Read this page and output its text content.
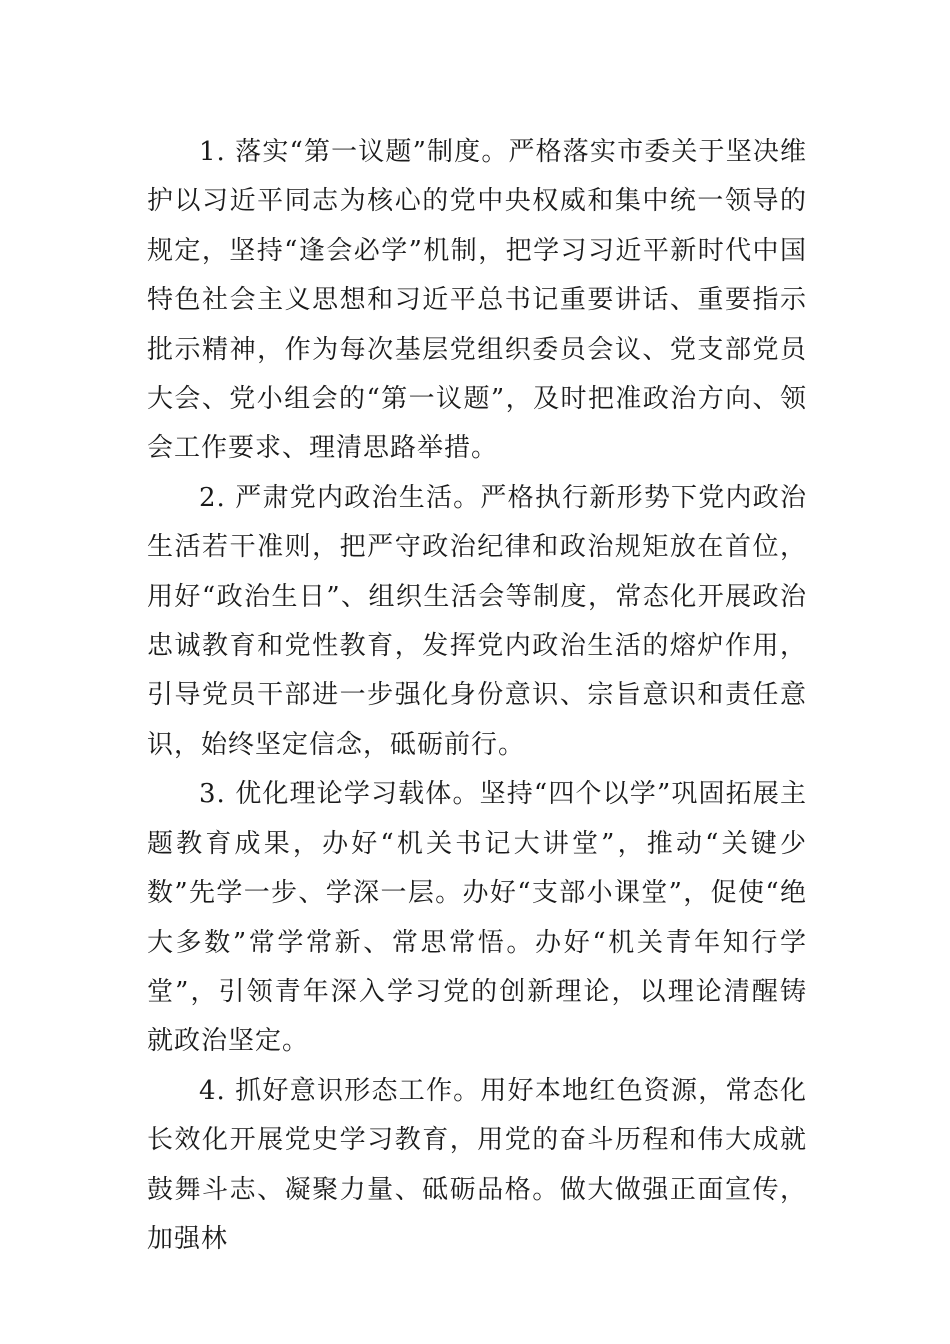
1. 落实“第一议题”制度。严格落实市委关于坚决维护以习近平同志为核心的党中央权威和集中统一领导的规定，坚持“逢会必学”机制，把学习习近平新时代中国特色社会主义思想和习近平总书记重要讲话、重要指示批示精神，作为每次基层党组织委员会议、党支部党员大会、党小组会的“第一议题”，及时把准政治方向、领会工作要求、理清思路举措。

2. 严肃党内政治生活。严格执行新形势下党内政治生活若干准则，把严守政治纪律和政治规矩放在首位，用好“政治生日”、组织生活会等制度，常态化开展政治忠诚教育和党性教育，发挥党内政治生活的熔炉作用，引导党员干部进一步强化身份意识、宗旨意识和责任意识，始终坚定信念，砥砺前行。

3. 优化理论学习载体。坚持“四个以学”巩固拓展主题教育成果，办好“机关书记大讲堂”，推动“关键少数”先学一步、学深一层。办好“支部小课堂”，促使“绝大多数”常学常新、常思常悟。办好“机关青年知行学堂”，引领青年深入学习党的创新理论，以理论清醒铸就政治坚定。

4. 抓好意识形态工作。用好本地红色资源，常态化长效化开展党史学习教育，用党的奋斗历程和伟大成就鼓舞斗志、凝聚力量、砥砺品格。做大做强正面宣传，加强林
